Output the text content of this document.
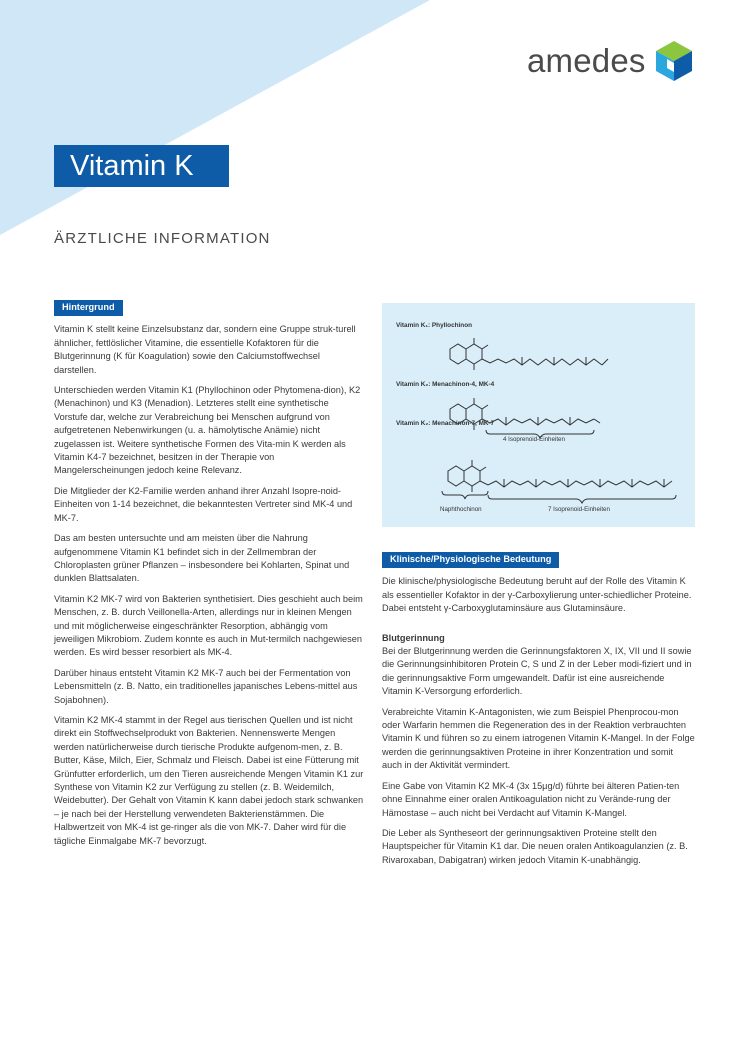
amedes
Vitamin K
ÄRZTLICHE INFORMATION
Hintergrund

Vitamin K stellt keine Einzelsubstanz dar, sondern eine Gruppe struk-turell ähnlicher, fettlöslicher Vitamine, die essentielle Kofaktoren für die Blutgerinnung (K für Koagulation) sowie den Calciumstoffwechsel darstellen.

Unterschieden werden Vitamin K1 (Phyllochinon oder Phytomena-dion), K2 (Menachinon) und K3 (Menadion). Letzteres stellt eine synthetische Vorstufe dar, welche zur Verabreichung bei Menschen aufgrund von aufgetretenen Nebenwirkungen (u. a. hämolytische Anämie) nicht zugelassen ist. Weitere synthetische Formen des Vita-min K werden als Vitamin K4-7 bezeichnet, besitzen in der Therapie von Mangelerscheinungen jedoch keine Relevanz.

Die Mitglieder der K2-Familie werden anhand ihrer Anzahl Isopre-noid-Einheiten von 1-14 bezeichnet, die bekanntesten Vertreter sind MK-4 und MK-7.

Das am besten untersuchte und am meisten über die Nahrung aufgenommene Vitamin K1 befindet sich in der Zellmembran der Chloroplasten grüner Pflanzen – insbesondere bei Kohlarten, Spinat und dunklen Blattsalaten.

Vitamin K2 MK-7 wird von Bakterien synthetisiert. Dies geschieht auch beim Menschen, z. B. durch Veillonella-Arten, allerdings nur in kleinen Mengen und mit möglicherweise eingeschränkter Resorption, abhängig vom jeweiligen Mikrobiom. Zudem konnte es auch in Mut-termilch nachgewiesen werden. Es wird besser resorbiert als MK-4.

Darüber hinaus entsteht Vitamin K2 MK-7 auch bei der Fermentation von Lebensmitteln (z. B. Natto, ein traditionelles japanisches Lebens-mittel aus Sojabohnen).

Vitamin K2 MK-4 stammt in der Regel aus tierischen Quellen und ist nicht direkt ein Stoffwechselprodukt von Bakterien. Nennenswerte Mengen werden natürlicherweise durch tierische Produkte aufgenom-men, z. B. Butter, Käse, Milch, Eier, Schmalz und Fleisch. Dabei ist eine Fütterung mit Grünfutter erforderlich, um den Tieren ausreichende Mengen Vitamin K1 zur Synthese von Vitamin K2 zur Verfügung zu stellen (z. B. Weidemilch, Weidebutter). Der Gehalt von Vitamin K kann dabei jedoch stark schwanken – je nach bei der Herstellung verwendeten Bakterienstämmen. Die Halbwertzeit von MK-4 ist ge-ringer als die von MK-7. Daher wird für die tägliche Einmalgabe MK-7 bevorzugt.

Vitamin K₁: Phyllochinon
Vitamin K₂: Menachinon-4, MK-4
Vitamin K₂: Menachinon-7, MK-7
4 Isoprenoid-Einheiten
Naphthochinon	7 Isoprenoid-Einheiten
Klinische/Physiologische Bedeutung

Die klinische/physiologische Bedeutung beruht auf der Rolle des Vitamin K als essentieller Kofaktor in der γ-Carboxylierung unter-schiedlicher Proteine. Dabei entsteht γ-Carboxyglutaminsäure aus Glutaminsäure.

Blutgerinnung

Bei der Blutgerinnung werden die Gerinnungsfaktoren X, IX, VII und II sowie die Gerinnungsinhibitoren Protein C, S und Z in der Leber modi-fiziert und in die gerinnungsaktive Form umgewandelt. Dafür ist eine ausreichende Vitamin K-Versorgung erforderlich.

Verabreichte Vitamin K-Antagonisten, wie zum Beispiel Phenprocou-mon oder Warfarin hemmen die Regeneration des in der Reaktion verbrauchten Vitamin K und führen so zu einem iatrogenen Vitamin K-Mangel. In der Folge werden die gerinnungsaktiven Proteine in ihrer Konzentration und somit auch in der Aktivität vermindert.

Eine Gabe von Vitamin K2 MK-4 (3x 15μg/d) führte bei älteren Patien-ten ohne Einnahme einer oralen Antikoagulation nicht zu Verände-rung der Hämostase – auch nicht bei Verdacht auf Vitamin K-Mangel.

Die Leber als Syntheseort der gerinnungsaktiven Proteine stellt den Hauptspeicher für Vitamin K1 dar. Die neuen oralen Antikoagulanzien (z. B. Rivaroxaban, Dabigatran) wirken jedoch Vitamin K-unabhängig.
